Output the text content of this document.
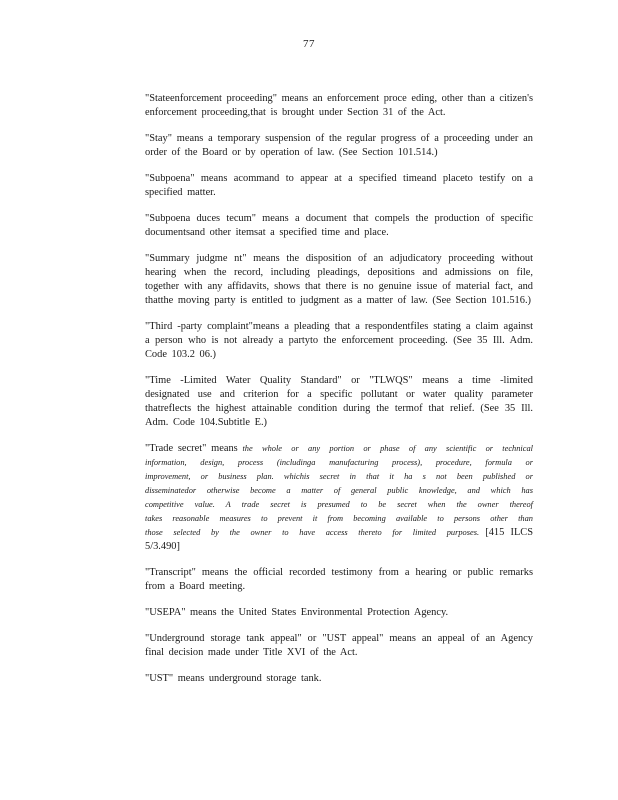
77

"Stateenforcement proceeding" means an enforcement proce eding, other than a citizen's enforcement proceeding,that is brought under Section 31 of the Act.

"Stay" means a temporary suspension of the regular progress of a proceeding under an order of the Board or by operation of law. (See Section 101.514.)

"Subpoena" means acommand to appear at a specified timeand placeto testify on a specified matter.

"Subpoena duces tecum" means a document that compels the production of specific documentsand other itemsat a specified time and place.

"Summary judgme nt" means the disposition of an adjudicatory proceeding without hearing when the record, including pleadings, depositions and admissions on file, together with any affidavits, shows that there is no genuine issue of material fact, and thatthe moving party is entitled to judgment as a matter of law. (See Section 101.516.)

"Third -party complaint"means a pleading that a respondentfiles stating a claim against a person who is not already a partyto the enforcement proceeding. (See 35 Ill. Adm. Code 103.2 06.)

"Time -Limited Water Quality Standard" or "TLWQS" means a time -limited designated use and criterion for a specific pollutant or water quality parameter thatreflects the highest attainable condition during the termof that relief. (See 35 Ill. Adm. Code 104.Subtitle E.)

"Trade secret" means the whole or any portion or phase of any scientific or technical information, design, process (includinga manufacturing process), procedure, formula or improvement, or business plan. whichis secret in that it ha s not been published or disseminatedor otherwise become a matter of general public knowledge, and which has competitive value. A trade secret is presumed to be secret when the owner thereof takes reasonable measures to prevent it from becoming available to persons other than those selected by the owner to have access thereto for limited purposes. [415 ILCS 5/3.490]

"Transcript" means the official recorded testimony from a hearing or public remarks from a Board meeting.

"USEPA" means the United States Environmental Protection Agency.

"Underground storage tank appeal" or "UST appeal" means an appeal of an Agency final decision made under Title XVI of the Act.

"UST" means underground storage tank.
